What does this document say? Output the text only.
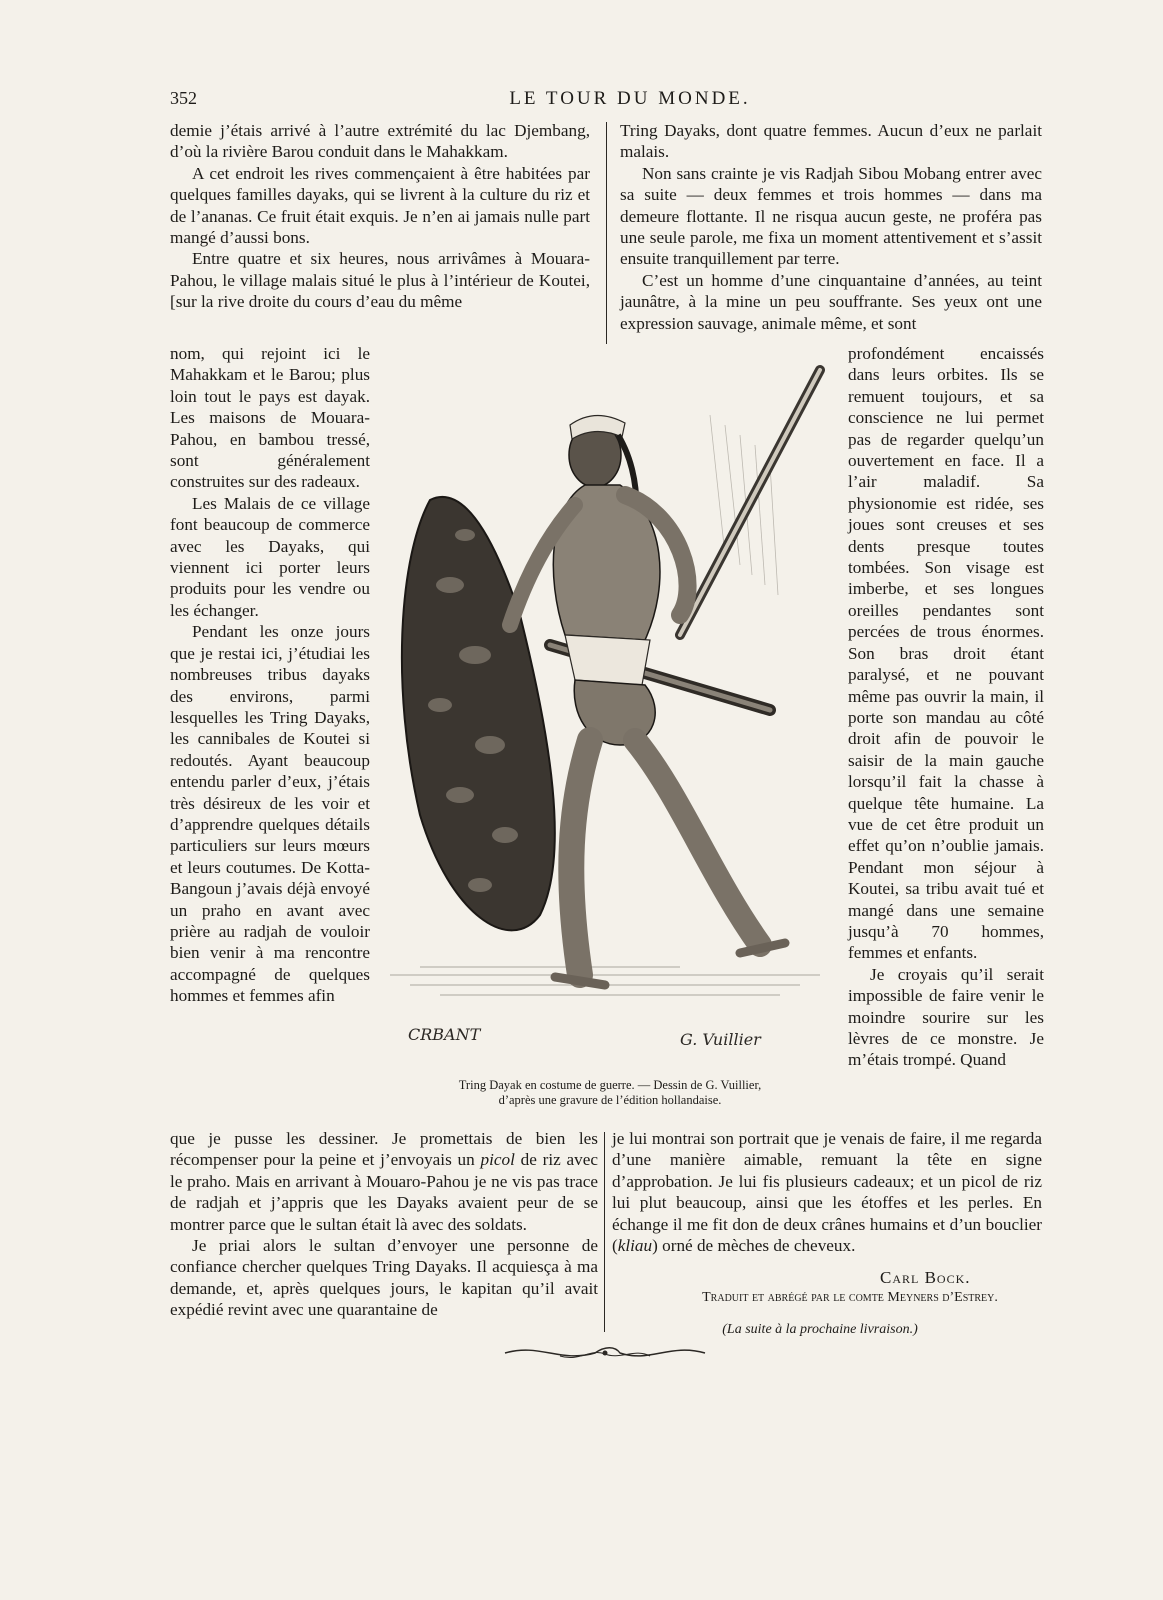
352	LE TOUR DU MONDE.

demie j’étais arrivé à l’autre extrémité du lac Djembang, d’où la rivière Barou conduit dans le Mahakkam.

A cet endroit les rives commençaient à être habitées par quelques familles dayaks, qui se livrent à la culture du riz et de l’ananas. Ce fruit était exquis. Je n’en ai jamais nulle part mangé d’aussi bons.

Entre quatre et six heures, nous arrivâmes à Mouara-Pahou, le village malais situé le plus à l’intérieur de Koutei, [sur la rive droite du cours d’eau du même

nom, qui rejoint ici le Mahakkam et le Barou; plus loin tout le pays est dayak. Les maisons de Mouara-Pahou, en bambou tressé, sont généralement construites sur des radeaux.

Les Malais de ce village font beaucoup de commerce avec les Dayaks, qui viennent ici porter leurs produits pour les vendre ou les échanger.

Pendant les onze jours que je restai ici, j’étudiai les nombreuses tribus dayaks des environs, parmi lesquelles les Tring Dayaks, les cannibales de Koutei si redoutés. Ayant beaucoup entendu parler d’eux, j’étais très désireux de les voir et d’apprendre quelques détails particuliers sur leurs mœurs et leurs coutumes. De Kotta-Bangoun j’avais déjà envoyé un praho en avant avec prière au radjah de vouloir bien venir à ma rencontre accompagné de quelques hommes et femmes afin

que je pusse les dessiner. Je promettais de bien les récompenser pour la peine et j’envoyais un picol de riz avec le praho. Mais en arrivant à Mouaro-Pahou je ne vis pas trace de radjah et j’appris que les Dayaks avaient peur de se montrer parce que le sultan était là avec des soldats.

Je priai alors le sultan d’envoyer une personne de confiance chercher quelques Tring Dayaks. Il acquiesça à ma demande, et, après quelques jours, le kapitan qu’il avait expédié revint avec une quarantaine de

Tring Dayaks, dont quatre femmes. Aucun d’eux ne parlait malais.

Non sans crainte je vis Radjah Sibou Mobang entrer avec sa suite — deux femmes et trois hommes — dans ma demeure flottante. Il ne risqua aucun geste, ne proféra pas une seule parole, me fixa un moment attentivement et s’assit ensuite tranquillement par terre.

C’est un homme d’une cinquantaine d’années, au teint jaunâtre, à la mine un peu souffrante. Ses yeux ont une expression sauvage, animale même, et sont

profondément encaissés dans leurs orbites. Ils se remuent toujours, et sa conscience ne lui permet pas de regarder quelqu’un ouvertement en face. Il a l’air maladif. Sa physionomie est ridée, ses joues sont creuses et ses dents presque toutes tombées. Son visage est imberbe, et ses longues oreilles pendantes sont percées de trous énormes. Son bras droit étant paralysé, et ne pouvant même pas ouvrir la main, il porte son mandau au côté droit afin de pouvoir le saisir de la main gauche lorsqu’il fait la chasse à quelque tête humaine. La vue de cet être produit un effet qu’on n’oublie jamais. Pendant mon séjour à Koutei, sa tribu avait tué et mangé dans une semaine jusqu’à 70 hommes, femmes et enfants.

Je croyais qu’il serait impossible de faire venir le moindre sourire sur les lèvres de ce monstre. Je m’étais trompé. Quand

je lui montrai son portrait que je venais de faire, il me regarda d’une manière aimable, remuant la tête en signe d’approbation. Je lui fis plusieurs cadeaux; et un picol de riz lui plut beaucoup, ainsi que les étoffes et les perles. En échange il me fit don de deux crânes humains et d’un bouclier (kliau) orné de mèches de cheveux.

CRBANT	G. Vuillier
Tring Dayak en costume de guerre. — Dessin de G. Vuillier,
d’après une gravure de l’édition hollandaise.
Carl Bock.
Traduit et abrégé par le comte Meyners d’Estrey.
(La suite à la prochaine livraison.)
